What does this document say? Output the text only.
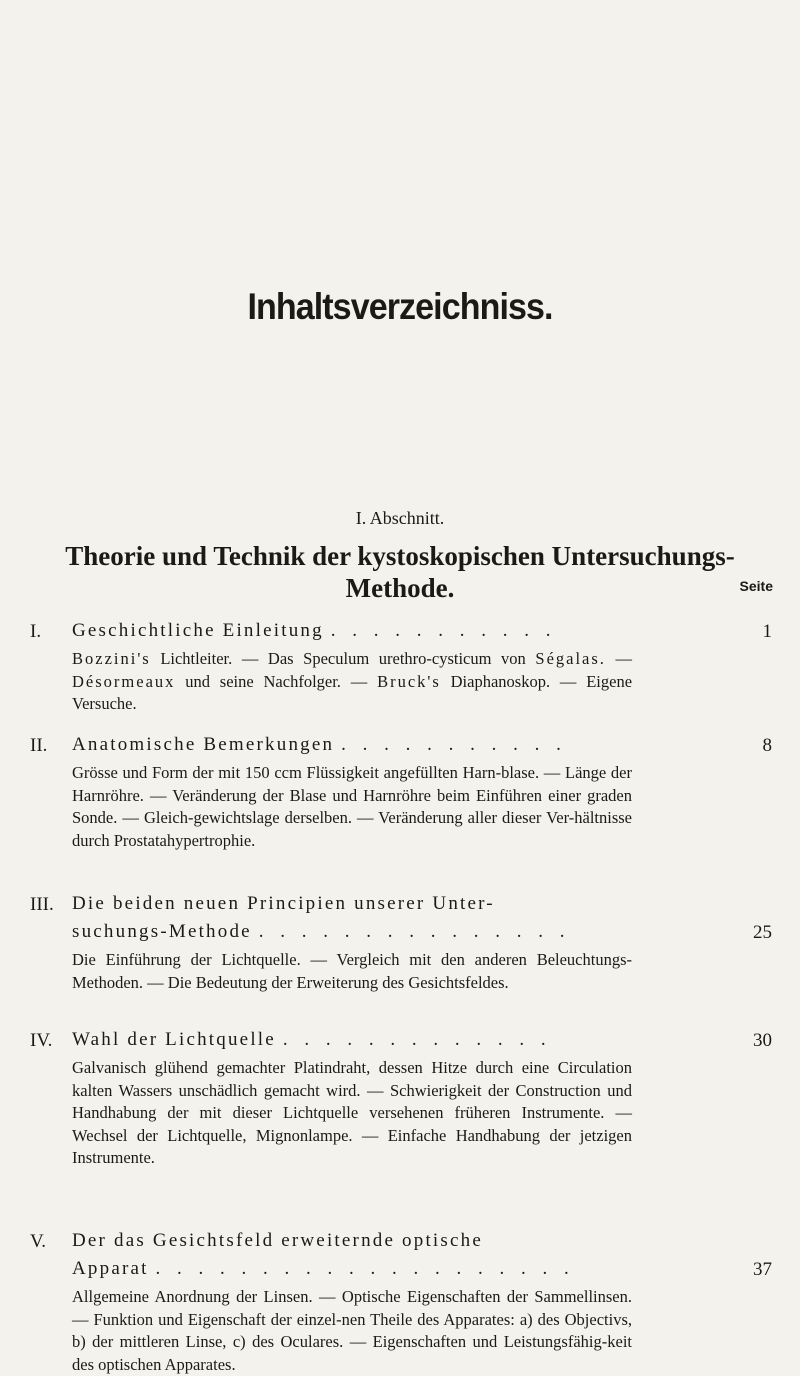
Inhaltsverzeichniss.
I. Abschnitt.
Theorie und Technik der kystoskopischen Untersuchungs-Methode.	Seite
I. Geschichtliche Einleitung . . . . . . . . . . .	1
Bozzini's Lichtleiter. — Das Speculum urethro-cysticum von Ségalas. — Désormeaux und seine Nachfolger. — Bruck's Diaphanoskop. — Eigene Versuche.
II. Anatomische Bemerkungen . . . . . . . . . . .	8
Grösse und Form der mit 150 ccm Flüssigkeit angefüllten Harn-blase. — Länge der Harnröhre. — Veränderung der Blase und Harnröhre beim Einführen einer graden Sonde. — Gleich-gewichtslage derselben. — Veränderung aller dieser Ver-hältnisse durch Prostatahypertrophie.
III. Die beiden neuen Principien unserer Unter-
suchungs-Methode . . . . . . . . . . . . . . .	25
Die Einführung der Lichtquelle. — Vergleich mit den anderen Beleuchtungs-Methoden. — Die Bedeutung der Erweiterung des Gesichtsfeldes.
IV. Wahl der Lichtquelle . . . . . . . . . . . . .	30
Galvanisch glühend gemachter Platindraht, dessen Hitze durch eine Circulation kalten Wassers unschädlich gemacht wird. — Schwierigkeit der Construction und Handhabung der mit dieser Lichtquelle versehenen früheren Instrumente. — Wechsel der Lichtquelle, Mignonlampe. — Einfache Handhabung der jetzigen Instrumente.
V. Der das Gesichtsfeld erweiternde optische
Apparat . . . . . . . . . . . . . . . . . . . .	37
Allgemeine Anordnung der Linsen. — Optische Eigenschaften der Sammellinsen. — Funktion und Eigenschaft der einzel-nen Theile des Apparates: a) des Objectivs, b) der mittleren Linse, c) des Oculares. — Eigenschaften und Leistungsfähig-keit des optischen Apparates.
